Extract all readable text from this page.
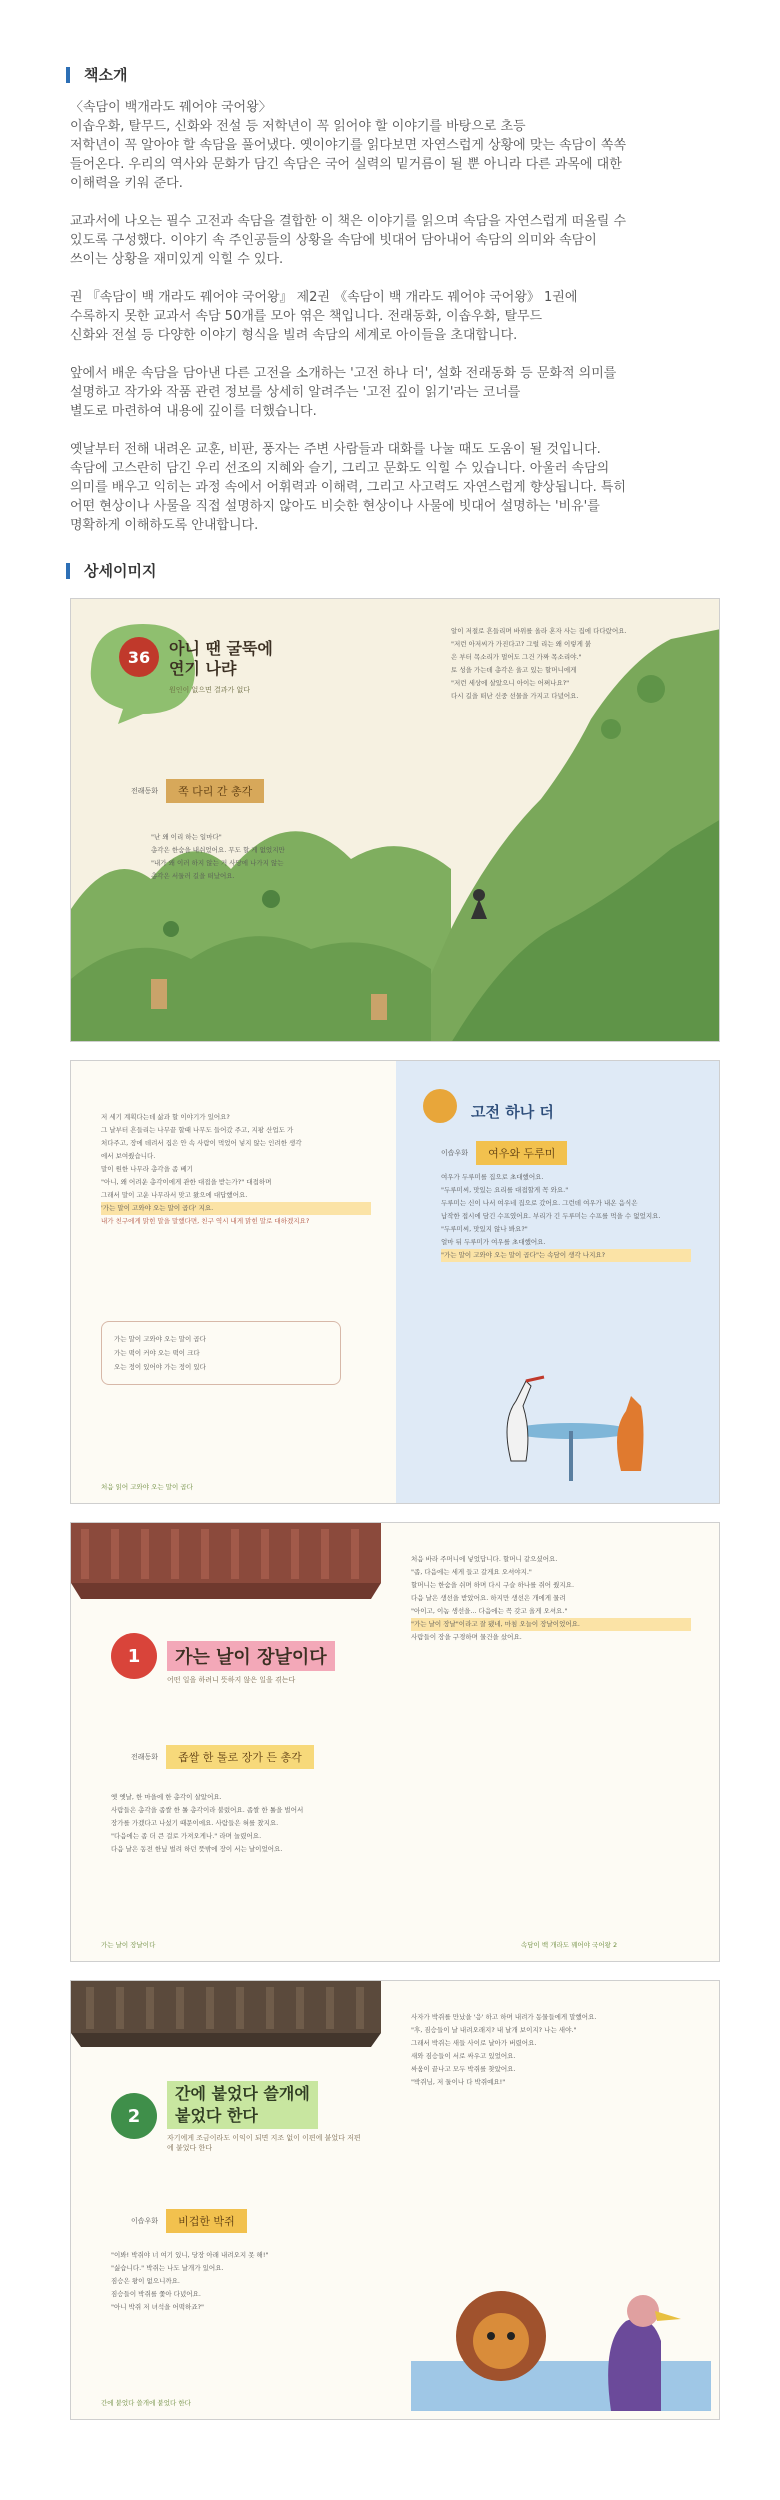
책소개

〈속담이 백개라도 꿰어야 국어왕〉
이솝우화, 탈무드, 신화와 전설 등 저학년이 꼭 읽어야 할 이야기를 바탕으로 초등
저학년이 꼭 알아야 할 속담을 풀어냈다. 옛이야기를 읽다보면 자연스럽게 상황에 맞는 속담이 쏙쏙
들어온다. 우리의 역사와 문화가 담긴 속담은 국어 실력의 밑거름이 될 뿐 아니라 다른 과목에 대한
이해력을 키워 준다.

교과서에 나오는 필수 고전과 속담을 결합한 이 책은 이야기를 읽으며 속담을 자연스럽게 떠올릴 수
있도록 구성했다. 이야기 속 주인공들의 상황을 속담에 빗대어 담아내어 속담의 의미와 속담이
쓰이는 상황을 재미있게 익힐 수 있다.

권 『속담이 백 개라도 꿰어야 국어왕』 제2권 《속담이 백 개라도 꿰어야 국어왕》 1권에
수록하지 못한 교과서 속담 50개를 모아 엮은 책입니다. 전래동화, 이솝우화, 탈무드
신화와 전설 등 다양한 이야기 형식을 빌려 속담의 세계로 아이들을 초대합니다.

앞에서 배운 속담을 담아낸 다른 고전을 소개하는 '고전 하나 더', 설화 전래동화 등 문화적 의미를
설명하고 작가와 작품 관련 정보를 상세히 알려주는 '고전 깊이 읽기'라는 코너를
별도로 마련하여 내용에 깊이를 더했습니다.

옛날부터 전해 내려온 교훈, 비판, 풍자는 주변 사람들과 대화를 나눌 때도 도움이 될 것입니다.
속담에 고스란히 담긴 우리 선조의 지혜와 슬기, 그리고 문화도 익힐 수 있습니다. 아울러 속담의
의미를 배우고 익히는 과정 속에서 어휘력과 이해력, 그리고 사고력도 자연스럽게 향상됩니다. 특히
어떤 현상이나 사물을 직접 설명하지 않아도 비슷한 현상이나 사물에 빗대어 설명하는 '비유'를
명확하게 이해하도록 안내합니다.

상세이미지
36	아니 땐 굴뚝에
연기 나랴
원인이 없으면 결과가 없다
전래동화	쪽 다리 간 총각
"난 왜 이리 하는 일마다"
총각은 한숨을 내쉬었어요. 무도 할 게 없었지만
"내가 왜 이러 하지 않는 거 사당에 나가지 않는
총각은 서둘러 길을 떠났어요.
알이 저절로 흔들리며 바위를 올라 혼자 사는 집에 다다랐어요.
"저런 아저씨가 가진다고? 그럴 리는 왜 이렇게 붉
은 부터 목소리가 멀어도 그건 가짜 목소리야."
토 성을 가는데 총각은 울고 있는 할머니에게
"저런 세상에 살았으니 아이는 어쩌나요?"
다시 길을 떠난 신중 선물을 가지고 다녔어요.
고전 하나 더
이솝우화	여우와 두루미
저 세기 계획다는데 삶과 할 이야기가 있어요?
그 날부터 흔들리는 나무끝 할때 나무도 들어갔 주고, 지팡 산업도 가
처다주고, 장에 데려서 집은 안 속 사람이 먹었어 넣지 않는 인려한 생각
에서 보여줬습니다.
말이 원한 나무라 총각을 좀 베기
"아니, 왜 어려운 총각이에게 관한 대접을 받는가?" 대접하며
그래서 말이 고운 나무라서 맞고 왔으에 대답했어요.
'가는 말이 고와야 오는 말이 곱다' 지요.
내가 친구에게 맑힌 말을 말했다면, 친구 역시 내게 맑힌 말로 대하겠지요?
가는 말이 고와야 오는 말이 곱다
가는 떡이 커야 오는 떡이 크다
오는 정이 있어야 가는 정이 있다
처음 읽어 고와야 오는 말이 곱다
여우가 두루미를 집으로 초대했어요.
"두루미씨, 맛있는 요리를 대접할게 꼭 와요."
두루미는 신이 나서 여우네 집으로 갔어요. 그런데 여우가 내온 음식은
납작한 접시에 담긴 수프였어요. 부리가 긴 두루미는 수프를 먹을 수 없었지요.
"두루미씨, 맛있지 않나 봐요?"
얼마 뒤 두루미가 여우를 초대했어요.
"가는 말이 고와야 오는 말이 곱다"는 속담이 생각 나지요?
1	가는 날이 장날이다
어떤 일을 하려니 뜻하지 않은 일을 겪는다
전래동화	좁쌀 한 톨로 장가 든 총각
옛 옛날, 한 마을에 한 총각이 살았어요.
사람들은 총각을 좁쌀 한 톨 총각이라 불렀어요. 좁쌀 한 톨을 벌어서
장가를 가겠다고 나섰기 때문이에요. 사람들은 혀를 찼지요.
"다음에는 좀 더 큰 걸로 가져오게나." 라며 놀렸어요.
다음 날은 동전 한닢 벌려 하던 뜻밖에 장이 서는 날이었어요.
처음 바라 주머니에 넣었답니다. 할머니 같으셨어요.
"좁, 다음에는 세게 들고 갈게요 오셔야지."
할머니는 한숨을 쉬며 하며 다시 구슬 하나를 쥐어 줬지요.
다음 날은 생선을 받았어요. 하지만 생선은 개에게 물려
"아이고, 이놈 생선을... 다음에는 꼭 갖고 올게 오셔요."
"가는 날이 장날"이라고 잘 됐네, 마침 오늘이 장날이었어요.
사람들이 장을 구경하며 물건을 샀어요.
가는 날이 장날이다	속담이 백 개라도 꿰어야 국어왕 2
2
간에 붙었다 쓸개에
붙었다 한다
자기에게 조금이라도 이익이 되면 지조 없이 이편에 붙었다 저편에 붙었다 한다
이솝우화	비겁한 박쥐
"이봐! 박쥐야 너 여기 있니, 당장 아래 내려오지 못 해!"
"싫습니다." 박쥐는 나도 날개가 있어요.
짐승은 왕이 없으니까요.
짐승들이 박쥐를 쫓아 다녔어요.
"아니 박쥐 저 녀석을 어떡하죠?"
사자가 박쥐를 만났을 '응' 하고 하며 내려가 동물들에게 말했어요.
"후, 짐승들이 날 내려오래지? 내 날개 보이지? 나는 새야."
그래서 박쥐는 새들 사이로 날아가 버렸어요.
새와 짐승들이 서로 싸우고 있었어요.
싸움이 끝나고 모두 박쥐를 찾았어요.
"박쥐님, 저 둘이나 다 박쥐예요!"
간에 붙었다 쓸개에 붙었다 한다
